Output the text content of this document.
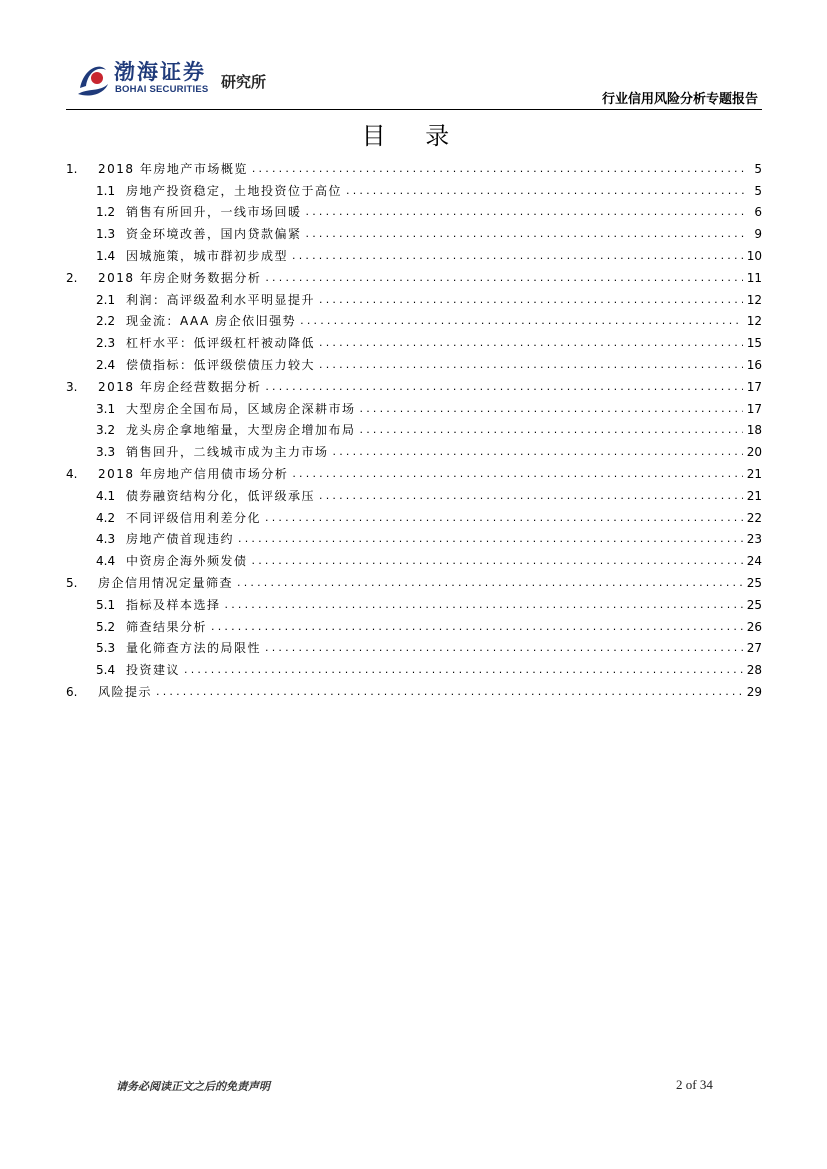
渤海证券
BOHAI SECURITIES 研究所
行业信用风险分析专题报告
目 录
1.	2018 年房地产市场概览 .....	5
1.1 房地产投资稳定，土地投资位于高位 .....	5
1.2 销售有所回升，一线市场回暖 .....	6
1.3 资金环境改善，国内贷款偏紧 .....	9
1.4 因城施策，城市群初步成型 .....	10
2.	2018 年房企财务数据分析 .....	11
2.1 利润：高评级盈利水平明显提升 .....	12
2.2 现金流：AAA 房企依旧强势 .....	12
2.3 杠杆水平：低评级杠杆被动降低 .....	15
2.4 偿债指标：低评级偿债压力较大 .....	16
3.	2018 年房企经营数据分析 .....	17
3.1 大型房企全国布局，区域房企深耕市场 .....	17
3.2 龙头房企拿地缩量，大型房企增加布局 .....	18
3.3 销售回升，二线城市成为主力市场 .....	20
4.	2018 年房地产信用债市场分析 .....	21
4.1 债券融资结构分化，低评级承压 .....	21
4.2 不同评级信用利差分化 .....	22
4.3 房地产债首现违约 .....	23
4.4 中资房企海外频发债 .....	24
5.	房企信用情况定量筛查 .....	25
5.1 指标及样本选择 .....	25
5.2 筛查结果分析 .....	26
5.3 量化筛查方法的局限性 .....	27
5.4 投资建议 .....	28
6.	风险提示 .....	29
请务必阅读正文之后的免责声明	2 of 34
